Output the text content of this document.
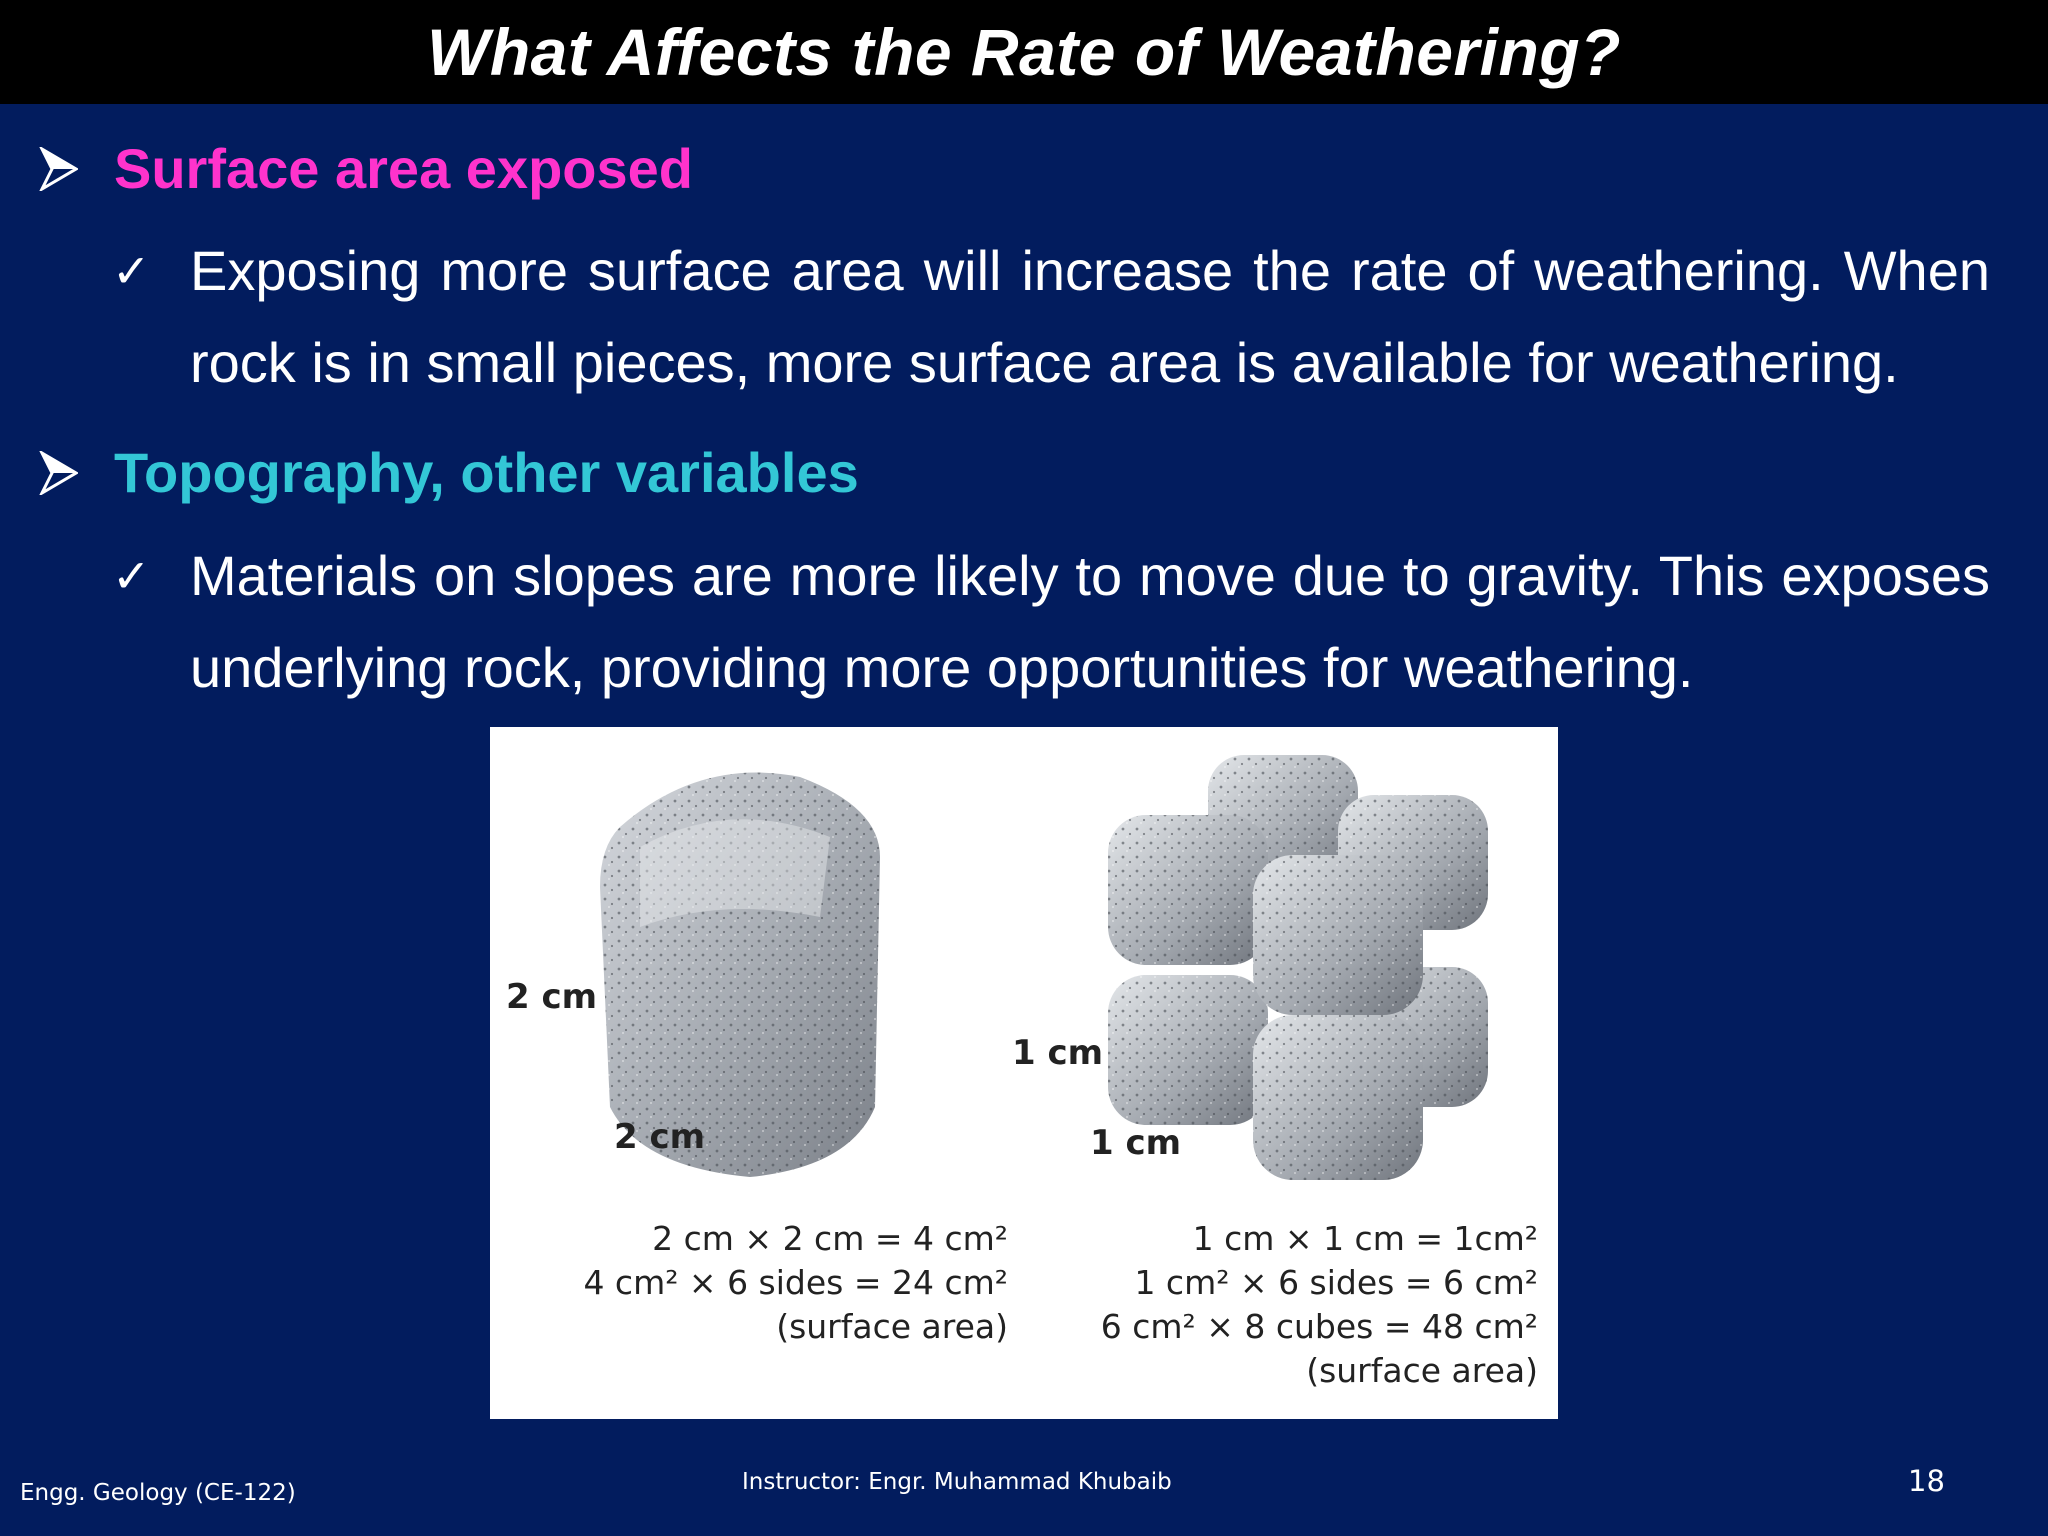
What Affects the Rate of Weathering?
Surface area exposed
✓ Exposing more surface area will increase the rate of weathering. When rock is in small pieces, more surface area is available for weathering.
Topography, other variables
✓ Materials on slopes are more likely to move due to gravity. This exposes underlying rock, providing more opportunities for weathering.
2 cm
2 cm
1 cm
1 cm
2 cm × 2 cm = 4 cm²
4 cm² × 6 sides = 24 cm²
(surface area)
1 cm × 1 cm = 1cm²
1 cm² × 6 sides = 6 cm²
6 cm² × 8 cubes = 48 cm²
(surface area)
Engg. Geology (CE-122)	Instructor: Engr. Muhammad Khubaib	18
